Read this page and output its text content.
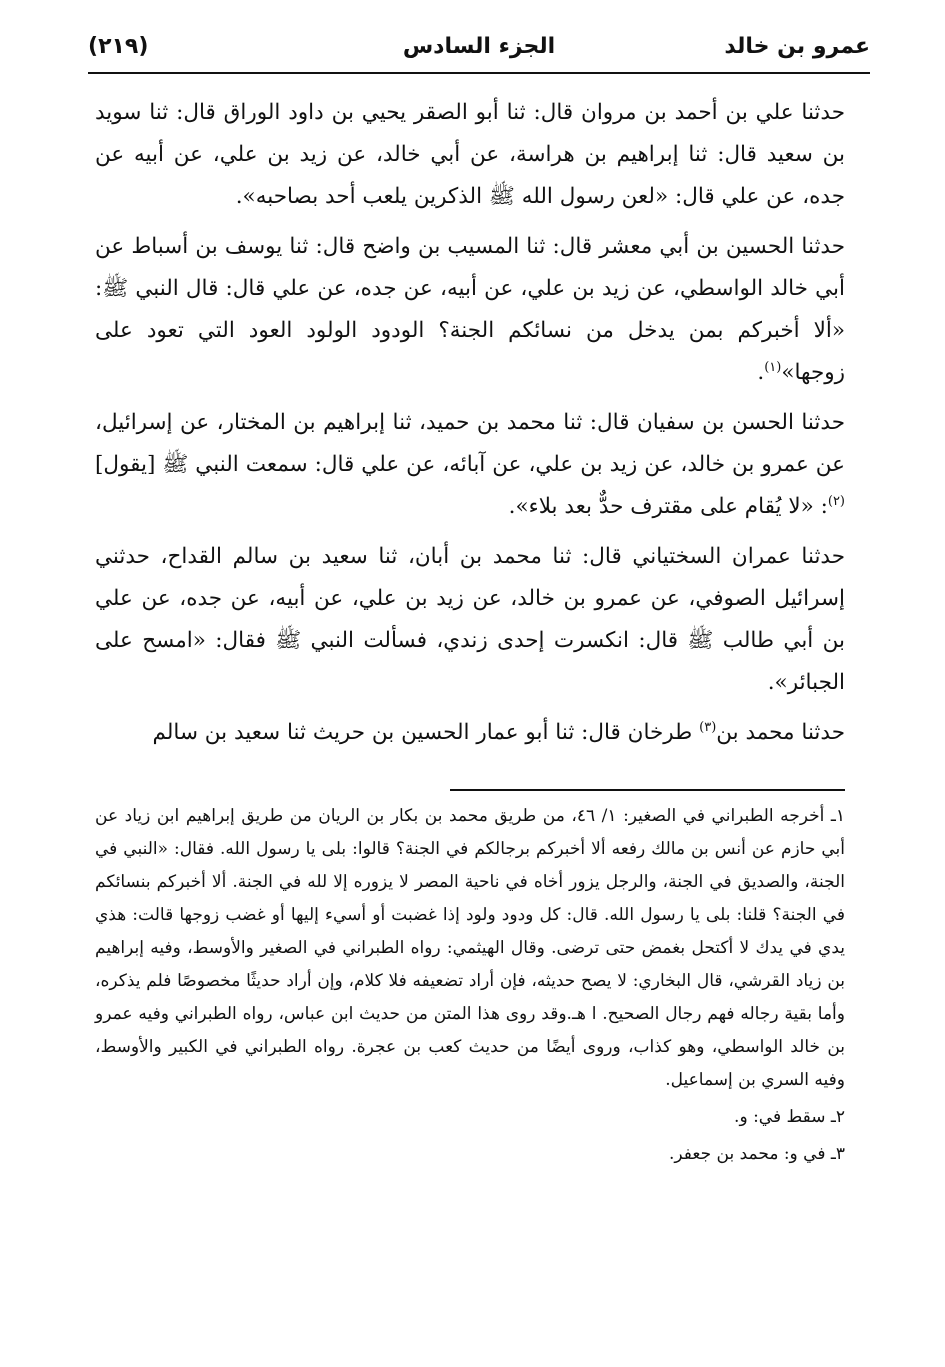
عمرو بن خالد
الجزء السادس
(٢١٩)

حدثنا علي بن أحمد بن مروان قال: ثنا أبو الصقر يحيي بن داود الوراق قال: ثنا سويد بن سعيد قال: ثنا إبراهيم بن هراسة، عن أبي خالد، عن زيد بن علي، عن أبيه عن جده، عن علي قال: «لعن رسول الله ﷺ الذكرين يلعب أحد بصاحبه».

حدثنا الحسين بن أبي معشر قال: ثنا المسيب بن واضح قال: ثنا يوسف بن أسباط عن أبي خالد الواسطي، عن زيد بن علي، عن أبيه، عن جده، عن علي قال: قال النبي ﷺ: «ألا أخبركم بمن يدخل من نسائكم الجنة؟ الودود الولود العود التي تعود على زوجها»$^{(١)}$.

حدثنا الحسن بن سفيان قال: ثنا محمد بن حميد، ثنا إبراهيم بن المختار، عن إسرائيل، عن عمرو بن خالد، عن زيد بن علي، عن آبائه، عن علي قال: سمعت النبي ﷺ [يقول]$^{(٢)}$: «لا يُقام على مقترف حدٌّ بعد بلاء».

حدثنا عمران السختياني قال: ثنا محمد بن أبان، ثنا سعيد بن سالم القداح، حدثني إسرائيل الصوفي، عن عمرو بن خالد، عن زيد بن علي، عن أبيه، عن جده، عن علي بن أبي طالب ﷺ قال: انكسرت إحدى زندي، فسألت النبي ﷺ فقال: «امسح على الجبائر».

حدثنا محمد بن$^{(٣)}$ طرخان قال: ثنا أبو عمار الحسين بن حريث ثنا سعيد بن سالم

١ـ أخرجه الطبراني في الصغير: ١/ ٤٦، من طريق محمد بن بكار بن الريان من طريق إبراهيم ابن زياد عن أبي حازم عن أنس بن مالك رفعه ألا أخبركم برجالكم في الجنة؟ قالوا: بلى يا رسول الله. فقال: «النبي في الجنة، والصديق في الجنة، والرجل يزور أخاه في ناحية المصر لا يزوره إلا لله في الجنة. ألا أخبركم بنسائكم في الجنة؟ قلنا: بلى يا رسول الله. قال: كل ودود ولود إذا غضبت أو أسيء إليها أو غضب زوجها قالت: هذي يدي في يدك لا أكتحل بغمض حتى ترضى. وقال الهيثمي: رواه الطبراني في الصغير والأوسط، وفيه إبراهيم بن زياد القرشي، قال البخاري: لا يصح حديثه، فإن أراد تضعيفه فلا كلام، وإن أراد حديثًا مخصوصًا فلم يذكره، وأما بقية رجاله فهم رجال الصحيح. ا هـ.وقد روى هذا المتن من حديث ابن عباس، رواه الطبراني وفيه عمرو بن خالد الواسطي، وهو كذاب، وروى أيضًا من حديث كعب بن عجرة. رواه الطبراني في الكبير والأوسط، وفيه السري بن إسماعيل.

٢ـ سقط في: و.

٣ـ في و: محمد بن جعفر.
